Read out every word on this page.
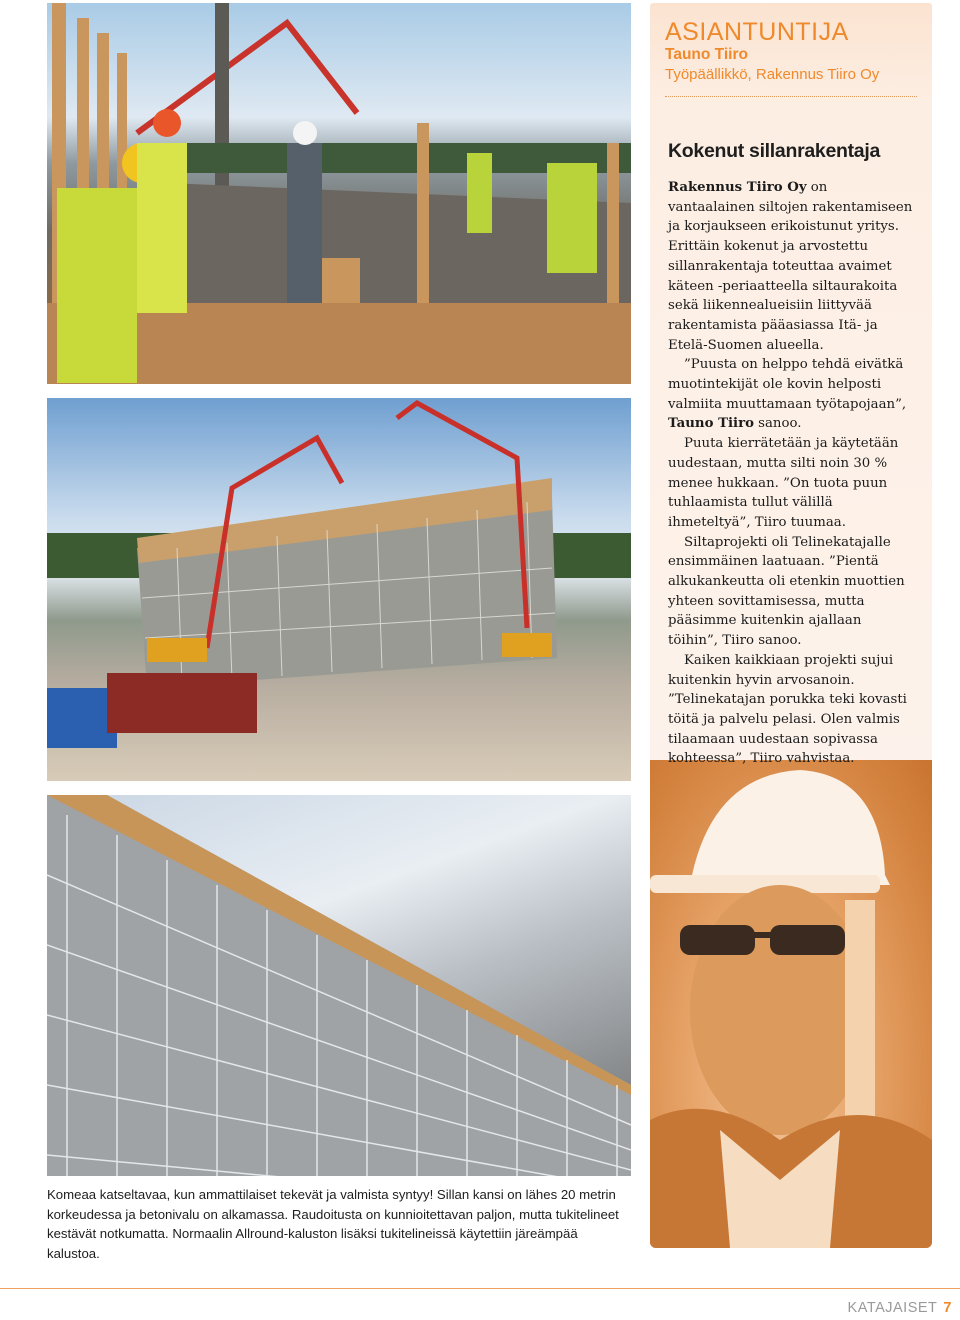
ASIANTUNTIJA
Tauno Tiiro
Työpäällikkö, Rakennus Tiiro Oy
Kokenut sillanrakentaja

Rakennus Tiiro Oy on vantaalainen siltojen rakentamiseen ja korjaukseen erikoistunut yritys. Erittäin kokenut ja arvostettu sillanrakentaja toteuttaa avaimet käteen -periaatteella siltaurakoita sekä liikennealueisiin liittyvää rakentamista pääasiassa Itä- ja Etelä-Suomen alueella.

”Puusta on helppo tehdä eivätkä muotintekijät ole kovin helposti valmiita muuttamaan työtapojaan”, Tauno Tiiro sanoo.

Puuta kierrätetään ja käytetään uudestaan, mutta silti noin 30 % menee hukkaan. ”On tuota puun tuhlaamista tullut välillä ihmeteltyä”, Tiiro tuumaa.

Siltaprojekti oli Telinekatajalle ensimmäinen laatuaan. ”Pientä alkukankeutta oli etenkin muottien yhteen sovittamisessa, mutta pääsimme kuitenkin ajallaan töihin”, Tiiro sanoo.

Kaiken kaikkiaan projekti sujui kuitenkin hyvin arvosanoin. ”Telinekatajan porukka teki kovasti töitä ja palvelu pelasi. Olen valmis tilaamaan uudestaan sopivassa kohteessa”, Tiiro vahvistaa.

Komeaa katseltavaa, kun ammattilaiset tekevät ja valmista syntyy! Sillan kansi on lähes 20 metrin korkeudessa ja betonivalu on alkamassa. Raudoitusta on kunnioitettavan paljon, mutta tukitelineet kestävät notkumatta. Normaalin Allround-kaluston lisäksi tukitelineissä käytettiin järeämpää kalustoa.
KATAJAISET 7
